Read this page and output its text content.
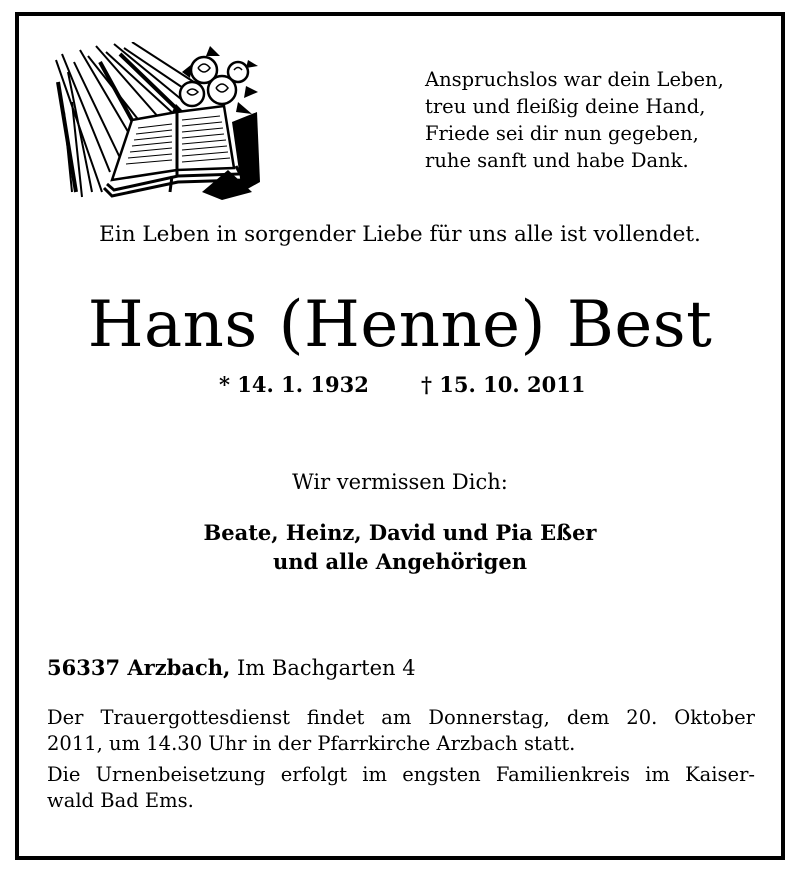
Anspruchslos war dein Leben,
treu und fleißig deine Hand,
Friede sei dir nun gegeben,
ruhe sanft und habe Dank.
Ein Leben in sorgender Liebe für uns alle ist vollendet.
Hans (Henne) Best
* 14. 1. 1932 † 15. 10. 2011
Wir vermissen Dich:
Beate, Heinz, David und Pia Eßer
und alle Angehörigen
56337 Arzbach, Im Bachgarten 4
Der Trauergottesdienst findet am Donnerstag, dem 20. Oktober
2011, um 14.30 Uhr in der Pfarrkirche Arzbach statt.
Die Urnenbeisetzung erfolgt im engsten Familienkreis im Kaiser-
wald Bad Ems.
